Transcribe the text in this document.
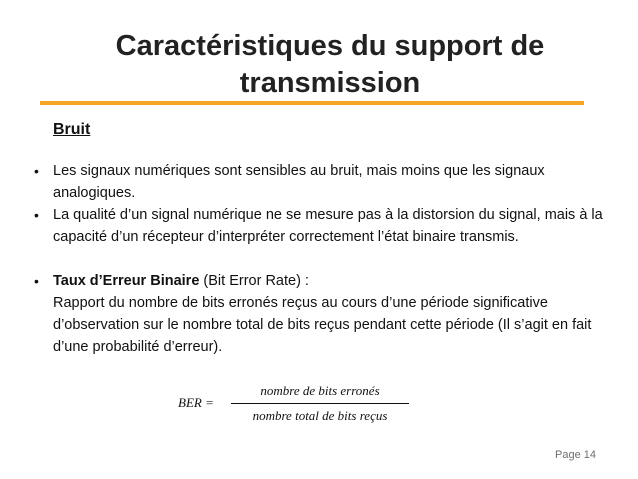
Caractéristiques du support de transmission
Bruit
• Les signaux numériques sont sensibles au bruit, mais moins que les signaux analogiques.
• La qualité d’un signal numérique ne se mesure pas à la distorsion du signal, mais à la capacité d’un récepteur d’interpréter correctement l’état binaire transmis.
• Taux d’Erreur Binaire (Bit Error Rate) :
Rapport du nombre de bits erronés reçus au cours d’une période significative d’observation sur le nombre total de bits reçus pendant cette période (Il s’agit en fait d’une probabilité d’erreur).
BER =
nombre de bits erronés
nombre total de bits reçus
Page 14
